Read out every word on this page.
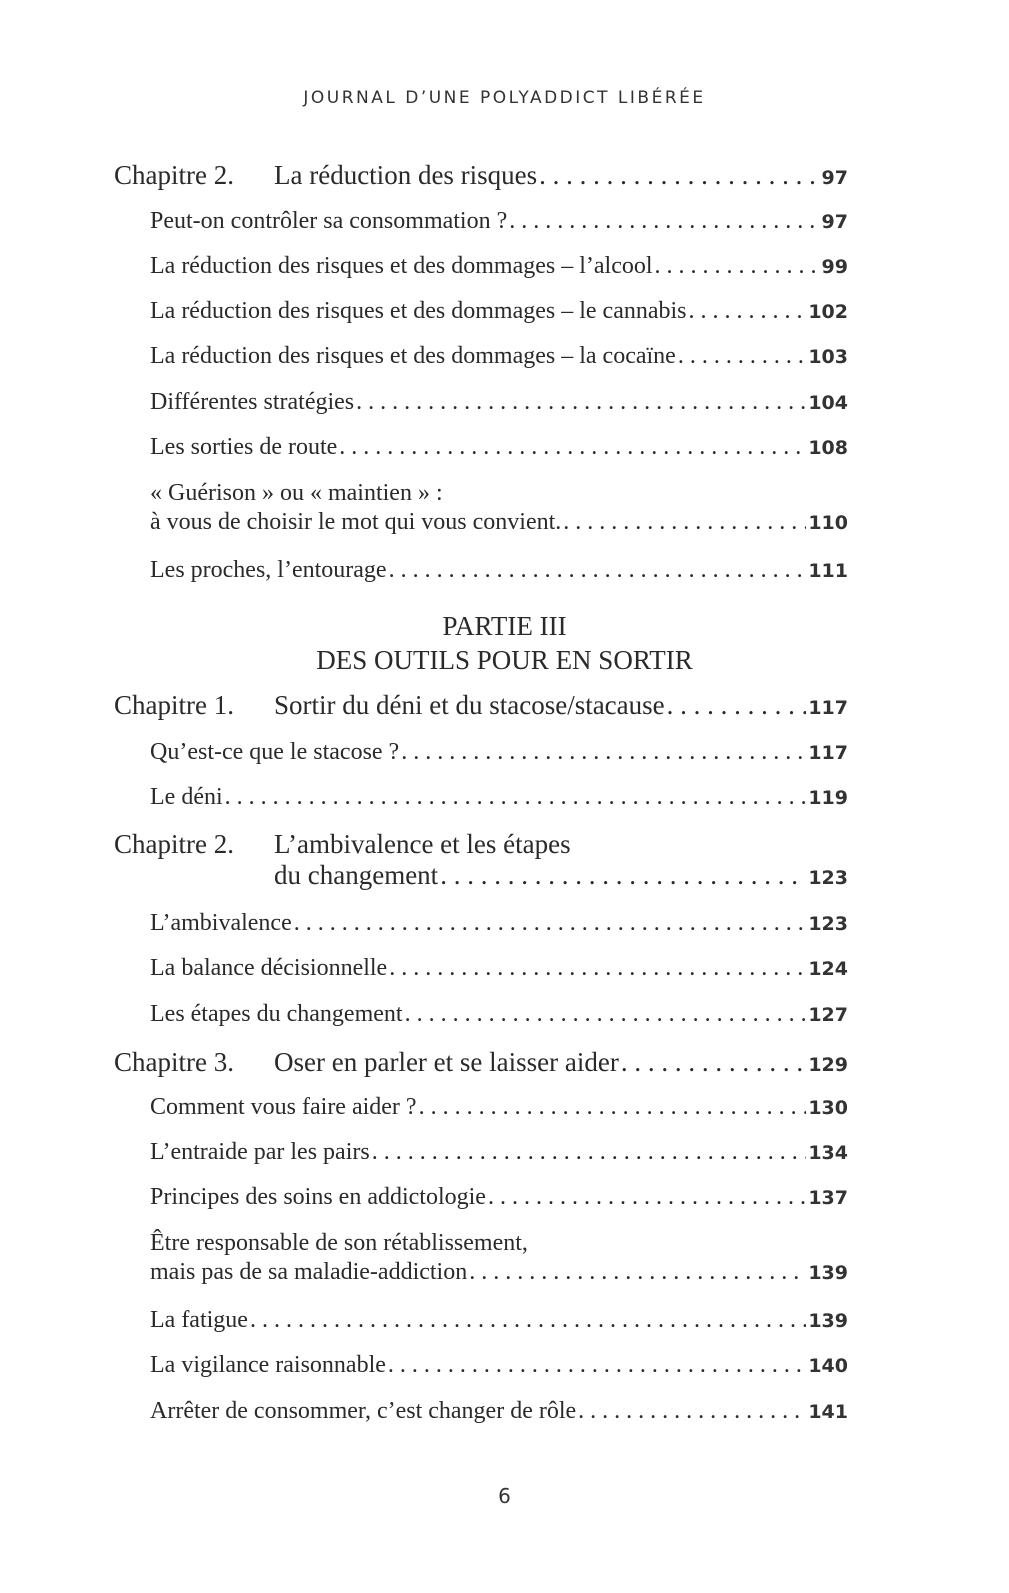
JOURNAL D’UNE POLYADDICT LIBÉRÉE
Chapitre 2. La réduction des risques . . .	97
Peut-on contrôler sa consommation ? . . .	97
La réduction des risques et des dommages – l’alcool . . .	99
La réduction des risques et des dommages – le cannabis . . .	102
La réduction des risques et des dommages – la cocaïne . . .	103
Différentes stratégies . . .	104
Les sorties de route . . .	108
« Guérison » ou « maintien » :
à vous de choisir le mot qui vous convient. . . .	110
Les proches, l’entourage . . .	111
PARTIE III
DES OUTILS POUR EN SORTIR
Chapitre 1. Sortir du déni et du stacose/stacause . . .	117
Qu’est-ce que le stacose ? . . .	117
Le déni . . .	119
Chapitre 2. L’ambivalence et les étapes
du changement . . .	123
L’ambivalence . . .	123
La balance décisionnelle . . .	124
Les étapes du changement . . .	127
Chapitre 3. Oser en parler et se laisser aider . . .	129
Comment vous faire aider ? . . .	130
L’entraide par les pairs . . .	134
Principes des soins en addictologie . . .	137
Être responsable de son rétablissement,
mais pas de sa maladie-addiction . . .	139
La fatigue . . .	139
La vigilance raisonnable . . .	140
Arrêter de consommer, c’est changer de rôle . . .	141
6
